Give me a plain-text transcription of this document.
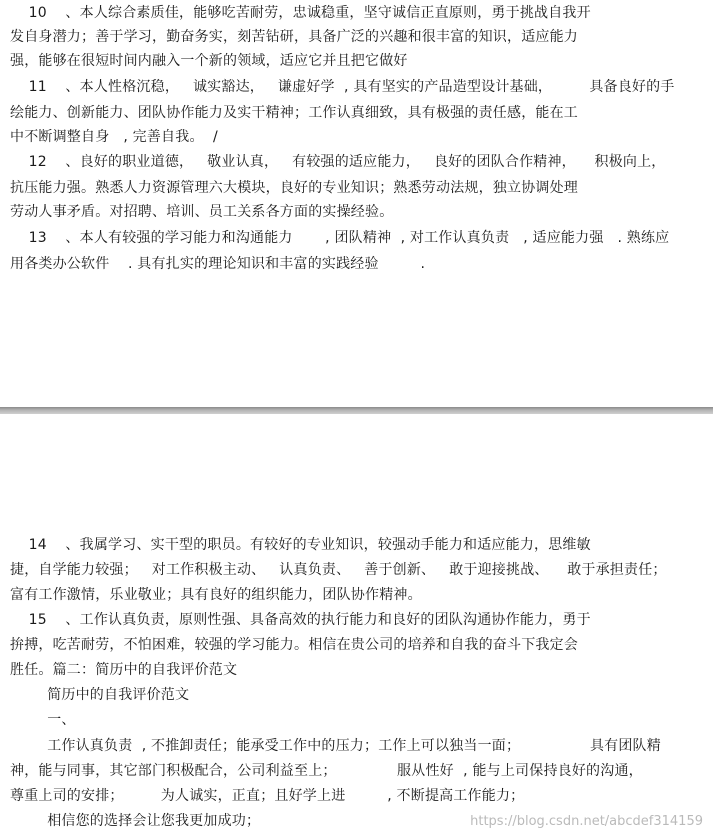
10    、本人综合素质佳，能够吃苦耐劳，忠诚稳重，坚守诚信正直原则，勇于挑战自我开
发自身潜力；善于学习，勤奋务实，刻苦钻研，具备广泛的兴趣和很丰富的知识，适应能力
强，能够在很短时间内融入一个新的领域，适应它并且把它做好
11    、本人性格沉稳，   诚实豁达，   谦虚好学  , 具有坚实的产品造型设计基础，        具备良好的手
绘能力、创新能力、团队协作能力及实干精神；工作认真细致，具有极强的责任感，能在工
中不断调整自身   , 完善自我。  /
12    、良好的职业道德，   敬业认真，   有较强的适应能力，   良好的团队合作精神，    积极向上，
抗压能力强。熟悉人力资源管理六大模块，良好的专业知识；熟悉劳动法规，独立协调处理
劳动人事矛盾。对招聘、培训、员工关系各方面的实操经验。
13    、本人有较强的学习能力和沟通能力       , 团队精神  , 对工作认真负责   , 适应能力强   . 熟练应
用各类办公软件    . 具有扎实的理论知识和丰富的实践经验         .
14    、我属学习、实干型的职员。有较好的专业知识，较强动手能力和适应能力，思维敏
捷，自学能力较强；   对工作积极主动、   认真负责、   善于创新、   敢于迎接挑战、    敢于承担责任；
富有工作激情，乐业敬业；具有良好的组织能力，团队协作精神。
15    、工作认真负责，原则性强、具备高效的执行能力和良好的团队沟通协作能力，勇于
拚搏，吃苦耐劳，不怕困难，较强的学习能力。相信在贵公司的培养和自我的奋斗下我定会
胜任。篇二：简历中的自我评价范文
简历中的自我评价范文
一、
工作认真负责  , 不推卸责任；能承受工作中的压力；工作上可以独当一面；               具有团队精
神，能与同事，其它部门积极配合，公司利益至上；             服从性好  , 能与上司保持良好的沟通，
尊重上司的安排；        为人诚实，正直；且好学上进         , 不断提高工作能力；
相信您的选择会让您我更加成功；	https://blog.csdn.net/abcdef314159
